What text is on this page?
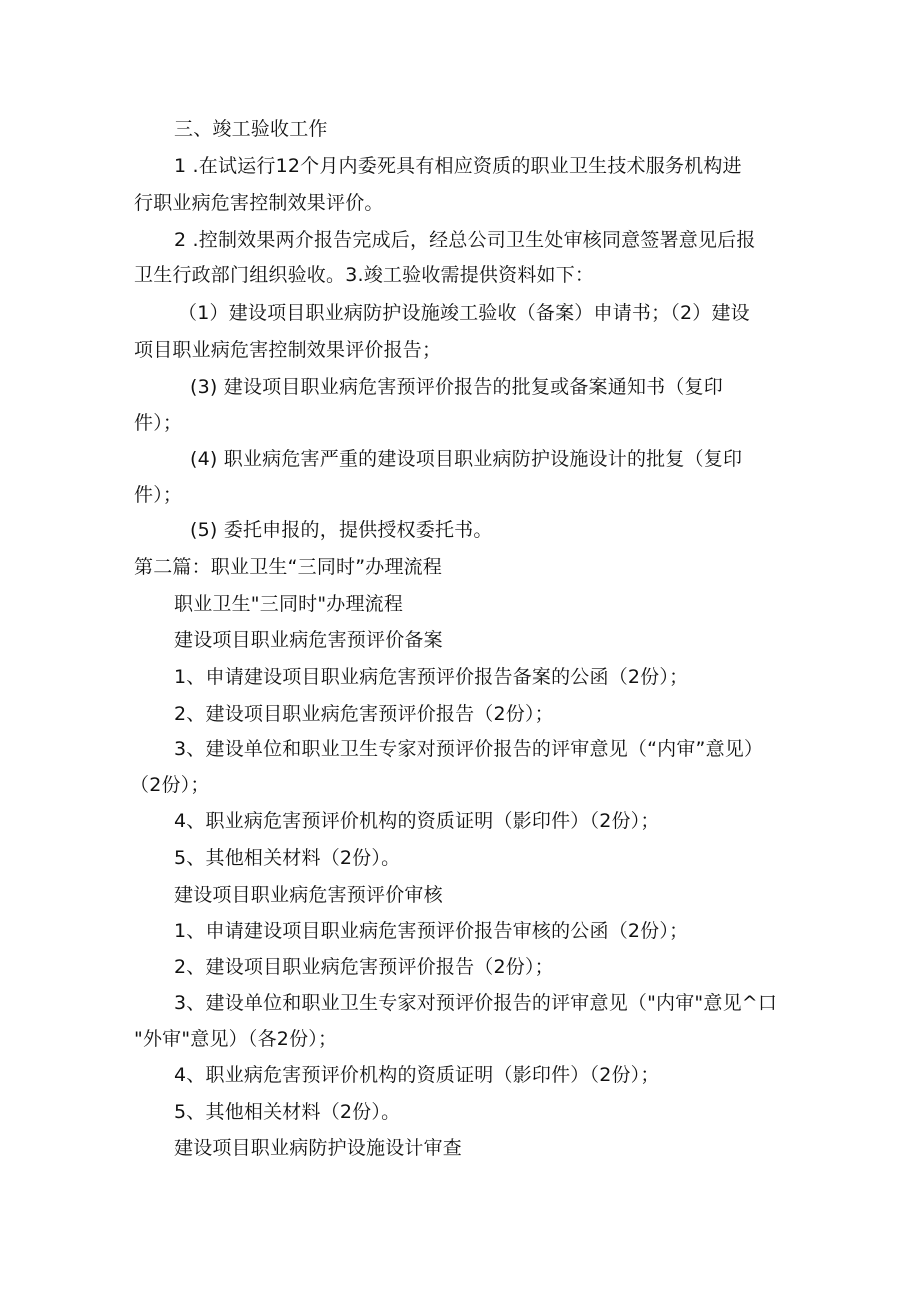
三、竣工验收工作
1 .在试运行12个月内委死具有相应资质的职业卫生技术服务机构进
行职业病危害控制效果评价。
2 .控制效果两介报告完成后，经总公司卫生处审核同意签署意见后报
卫生行政部门组织验收。3.竣工验收需提供资料如下：
（1）建设项目职业病防护设施竣工验收（备案）申请书；（2）建设
项目职业病危害控制效果评价报告；
(3) 建设项目职业病危害预评价报告的批复或备案通知书（复印
件）；
(4) 职业病危害严重的建设项目职业病防护设施设计的批复（复印
件）；
(5) 委托申报的，提供授权委托书。
第二篇：职业卫生“三同时”办理流程
职业卫生"三同时"办理流程
建设项目职业病危害预评价备案
1、申请建设项目职业病危害预评价报告备案的公函（2份）；
2、建设项目职业病危害预评价报告（2份）；
3、建设单位和职业卫生专家对预评价报告的评审意见（“内审”意见）
（2份）；
4、职业病危害预评价机构的资质证明（影印件）（2份）；
5、其他相关材料（2份）。
建设项目职业病危害预评价审核
1、申请建设项目职业病危害预评价报告审核的公函（2份）；
2、建设项目职业病危害预评价报告（2份）；
3、建设单位和职业卫生专家对预评价报告的评审意见（"内审"意见^口
"外审"意见）（各2份）；
4、职业病危害预评价机构的资质证明（影印件）（2份）；
5、其他相关材料（2份）。
建设项目职业病防护设施设计审查
